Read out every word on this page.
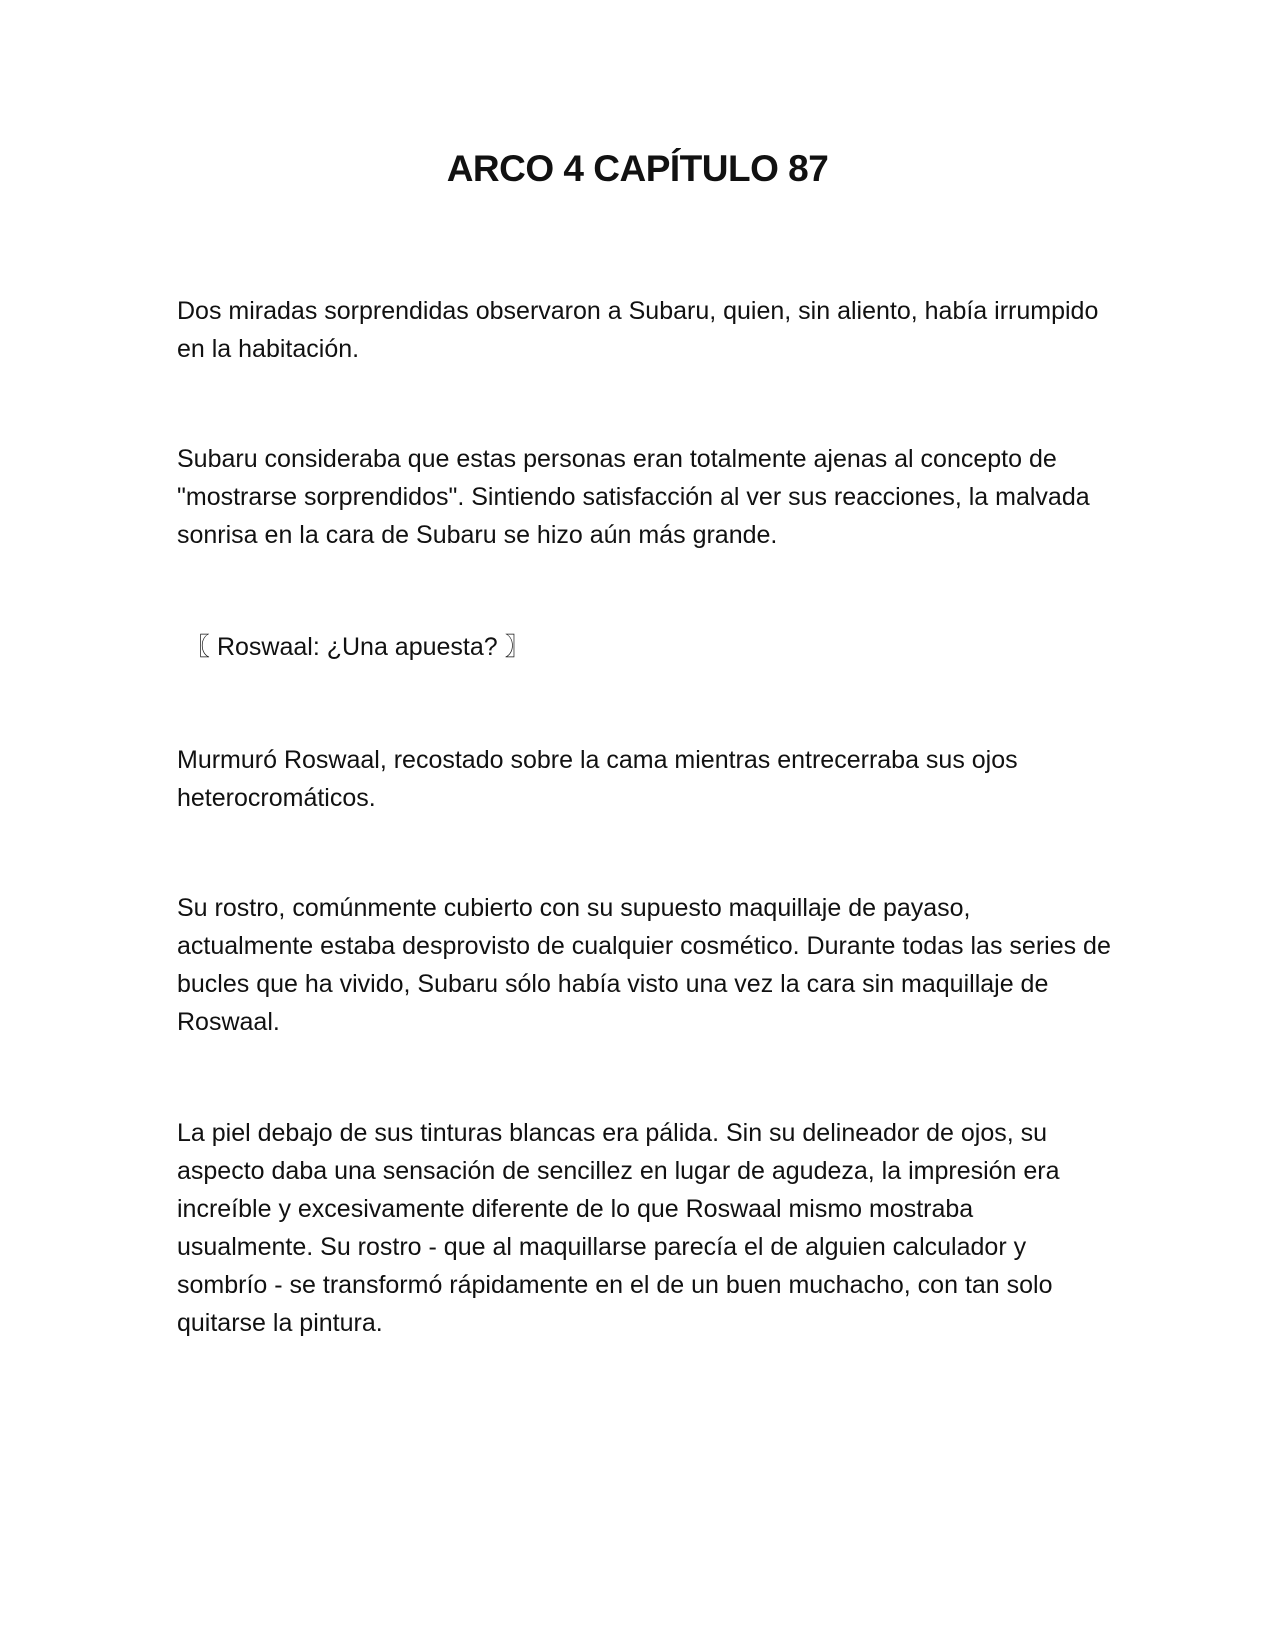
ARCO 4 CAPÍTULO 87

Dos miradas sorprendidas observaron a Subaru, quien, sin aliento, había irrumpido en la habitación.

Subaru consideraba que estas personas eran totalmente ajenas al concepto de "mostrarse sorprendidos". Sintiendo satisfacción al ver sus reacciones, la malvada sonrisa en la cara de Subaru se hizo aún más grande.

〖 Roswaal: ¿Una apuesta? 〗

Murmuró Roswaal, recostado sobre la cama mientras entrecerraba sus ojos heterocromáticos.

Su rostro, comúnmente cubierto con su supuesto maquillaje de payaso, actualmente estaba desprovisto de cualquier cosmético. Durante todas las series de bucles que ha vivido, Subaru sólo había visto una vez la cara sin maquillaje de Roswaal.

La piel debajo de sus tinturas blancas era pálida. Sin su delineador de ojos, su aspecto daba una sensación de sencillez en lugar de agudeza, la impresión era increíble y excesivamente diferente de lo que Roswaal mismo mostraba usualmente. Su rostro - que al maquillarse parecía el de alguien calculador y sombrío - se transformó rápidamente en el de un buen muchacho, con tan solo quitarse la pintura.
